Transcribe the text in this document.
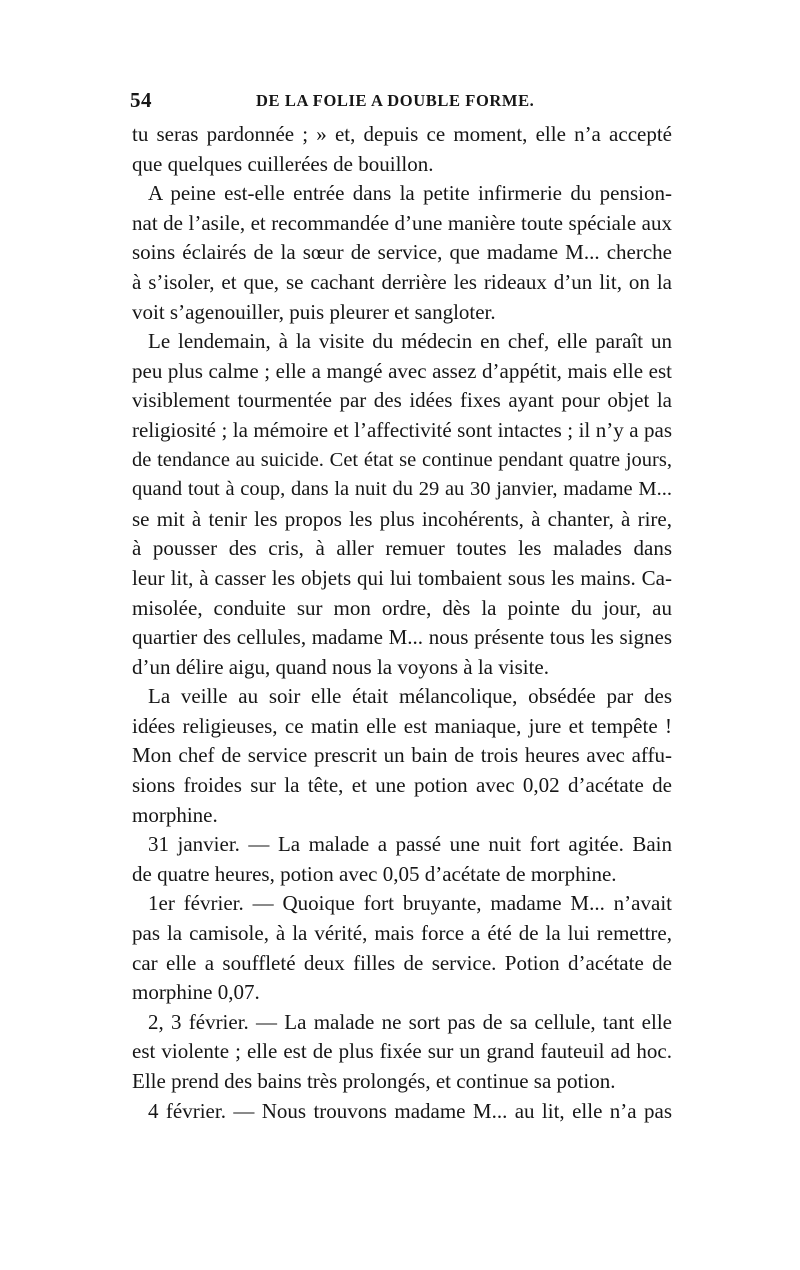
54	DE LA FOLIE A DOUBLE FORME.
tu seras pardonnée ; » et, depuis ce moment, elle n’a accepté
que quelques cuillerées de bouillon.
A peine est-elle entrée dans la petite infirmerie du pension-
nat de l’asile, et recommandée d’une manière toute spéciale aux
soins éclairés de la sœur de service, que madame M... cherche
à s’isoler, et que, se cachant derrière les rideaux d’un lit, on la
voit s’agenouiller, puis pleurer et sangloter.
Le lendemain, à la visite du médecin en chef, elle paraît un
peu plus calme ; elle a mangé avec assez d’appétit, mais elle est
visiblement tourmentée par des idées fixes ayant pour objet la
religiosité ; la mémoire et l’affectivité sont intactes ; il n’y a pas
de tendance au suicide. Cet état se continue pendant quatre jours,
quand tout à coup, dans la nuit du 29 au 30 janvier, madame M...
se mit à tenir les propos les plus incohérents, à chanter, à rire,
à pousser des cris, à aller remuer toutes les malades dans
leur lit, à casser les objets qui lui tombaient sous les mains. Ca-
misolée, conduite sur mon ordre, dès la pointe du jour, au
quartier des cellules, madame M... nous présente tous les signes
d’un délire aigu, quand nous la voyons à la visite.
La veille au soir elle était mélancolique, obsédée par des
idées religieuses, ce matin elle est maniaque, jure et tempête !
Mon chef de service prescrit un bain de trois heures avec affu-
sions froides sur la tête, et une potion avec 0,02 d’acétate de
morphine.
31 janvier. — La malade a passé une nuit fort agitée. Bain
de quatre heures, potion avec 0,05 d’acétate de morphine.
1er février. — Quoique fort bruyante, madame M... n’avait
pas la camisole, à la vérité, mais force a été de la lui remettre,
car elle a souffleté deux filles de service. Potion d’acétate de
morphine 0,07.
2, 3 février. — La malade ne sort pas de sa cellule, tant elle
est violente ; elle est de plus fixée sur un grand fauteuil ad hoc.
Elle prend des bains très prolongés, et continue sa potion.
4 février. — Nous trouvons madame M... au lit, elle n’a pas
